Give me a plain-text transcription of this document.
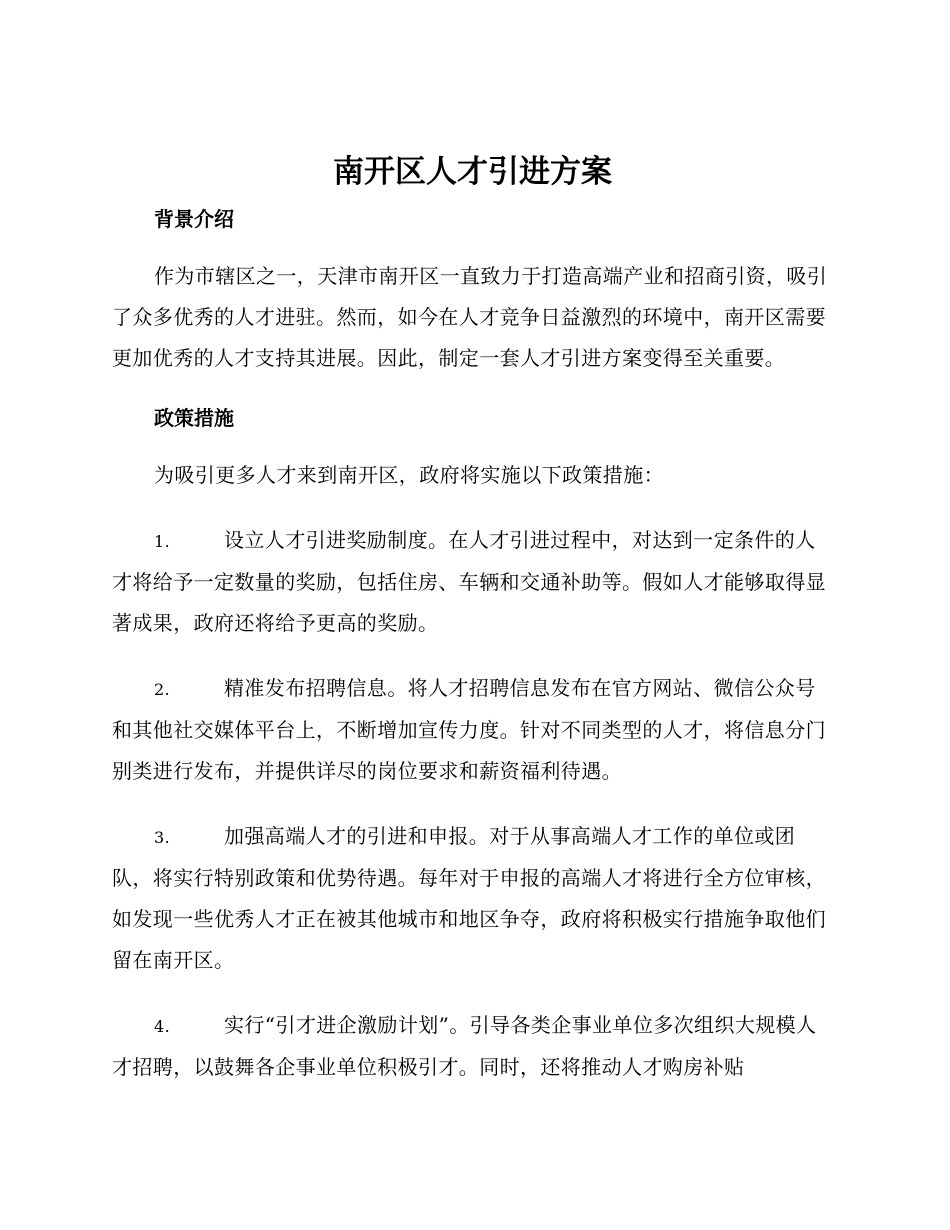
南开区人才引进方案
背景介绍

作为市辖区之一，天津市南开区一直致力于打造高端产业和招商引资，吸引了众多优秀的人才进驻。然而，如今在人才竞争日益激烈的环境中，南开区需要更加优秀的人才支持其进展。因此，制定一套人才引进方案变得至关重要。

政策措施

为吸引更多人才来到南开区，政府将实施以下政策措施：

1.	设立人才引进奖励制度。在人才引进过程中，对达到一定条件的人才将给予一定数量的奖励，包括住房、车辆和交通补助等。假如人才能够取得显著成果，政府还将给予更高的奖励。

2.	精准发布招聘信息。将人才招聘信息发布在官方网站、微信公众号和其他社交媒体平台上，不断增加宣传力度。针对不同类型的人才，将信息分门别类进行发布，并提供详尽的岗位要求和薪资福利待遇。

3.	加强高端人才的引进和申报。对于从事高端人才工作的单位或团队，将实行特别政策和优势待遇。每年对于申报的高端人才将进行全方位审核，如发现一些优秀人才正在被其他城市和地区争夺，政府将积极实行措施争取他们留在南开区。

4.	实行“引才进企激励计划”。引导各类企事业单位多次组织大规模人才招聘，以鼓舞各企事业单位积极引才。同时，还将推动人才购房补贴
